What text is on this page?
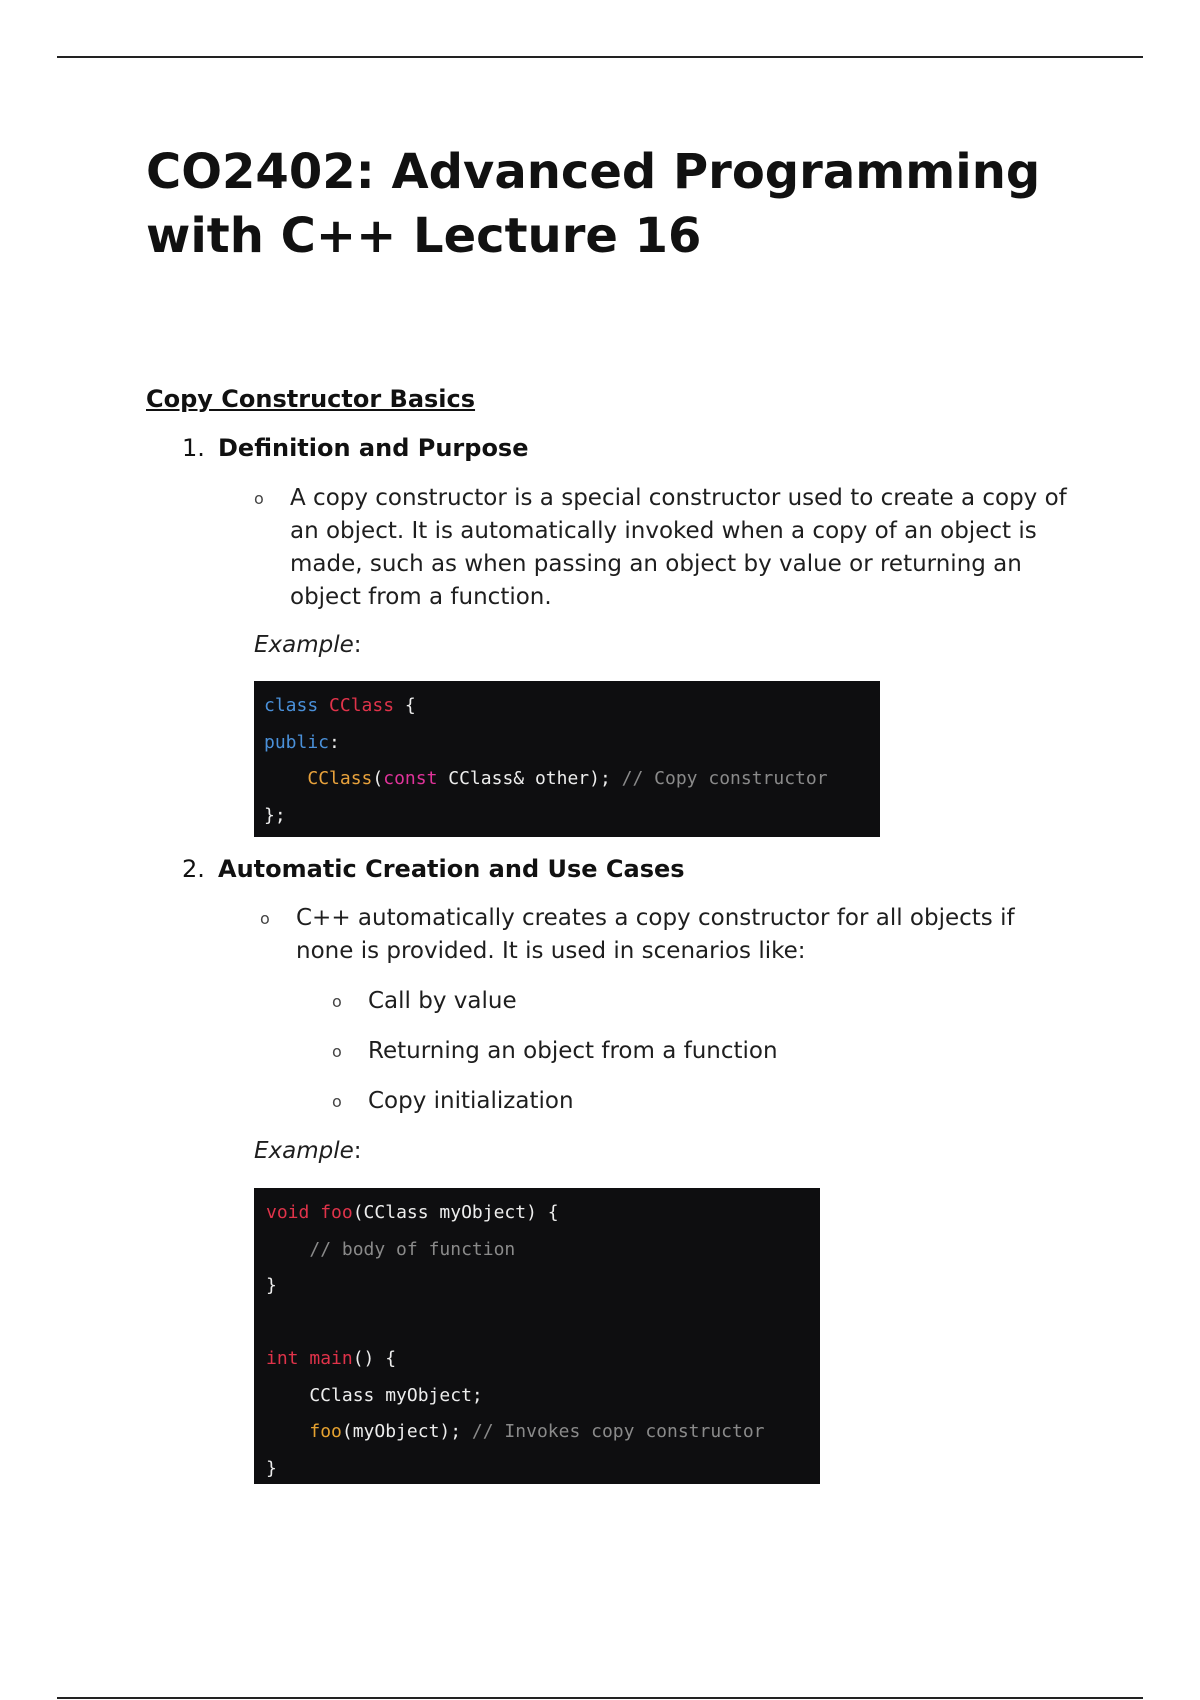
CO2402: Advanced Programming with C++ Lecture 16
Copy Constructor Basics
1. Definition and Purpose
o A copy constructor is a special constructor used to create a copy of an object. It is automatically invoked when a copy of an object is made, such as when passing an object by value or returning an object from a function.
Example:
class CClass {
public:
CClass(const CClass& other); // Copy constructor
};
2. Automatic Creation and Use Cases
o C++ automatically creates a copy constructor for all objects if none is provided. It is used in scenarios like:
o Call by value
o Returning an object from a function
o Copy initialization
Example:
void foo(CClass myObject) {
// body of function
}
int main() {
CClass myObject;
foo(myObject); // Invokes copy constructor
}
